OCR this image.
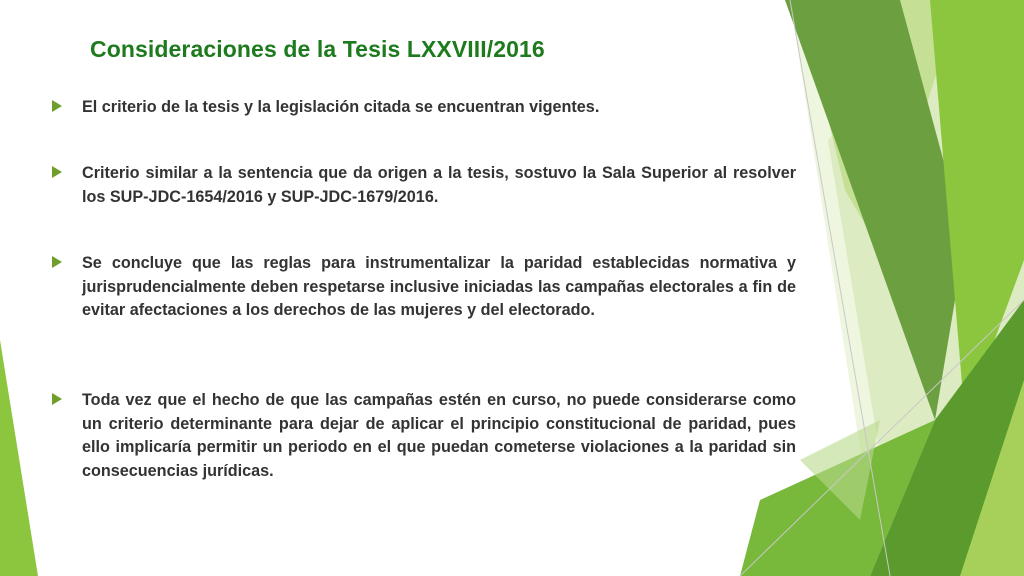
Consideraciones de la Tesis LXXVIII/2016

El criterio de la tesis y la legislación citada se encuentran vigentes.

Criterio similar a la sentencia que da origen a la tesis, sostuvo la Sala Superior al resolver los SUP-JDC-1654/2016 y SUP-JDC-1679/2016.

Se concluye que las reglas para instrumentalizar la paridad establecidas normativa y jurisprudencialmente deben respetarse inclusive iniciadas las campañas electorales a fin de evitar afectaciones a los derechos de las mujeres y del electorado.

Toda vez que el hecho de que las campañas estén en curso, no puede considerarse como un criterio determinante para dejar de aplicar el principio constitucional de paridad, pues ello implicaría permitir un periodo en el que puedan cometerse violaciones a la paridad sin consecuencias jurídicas.
